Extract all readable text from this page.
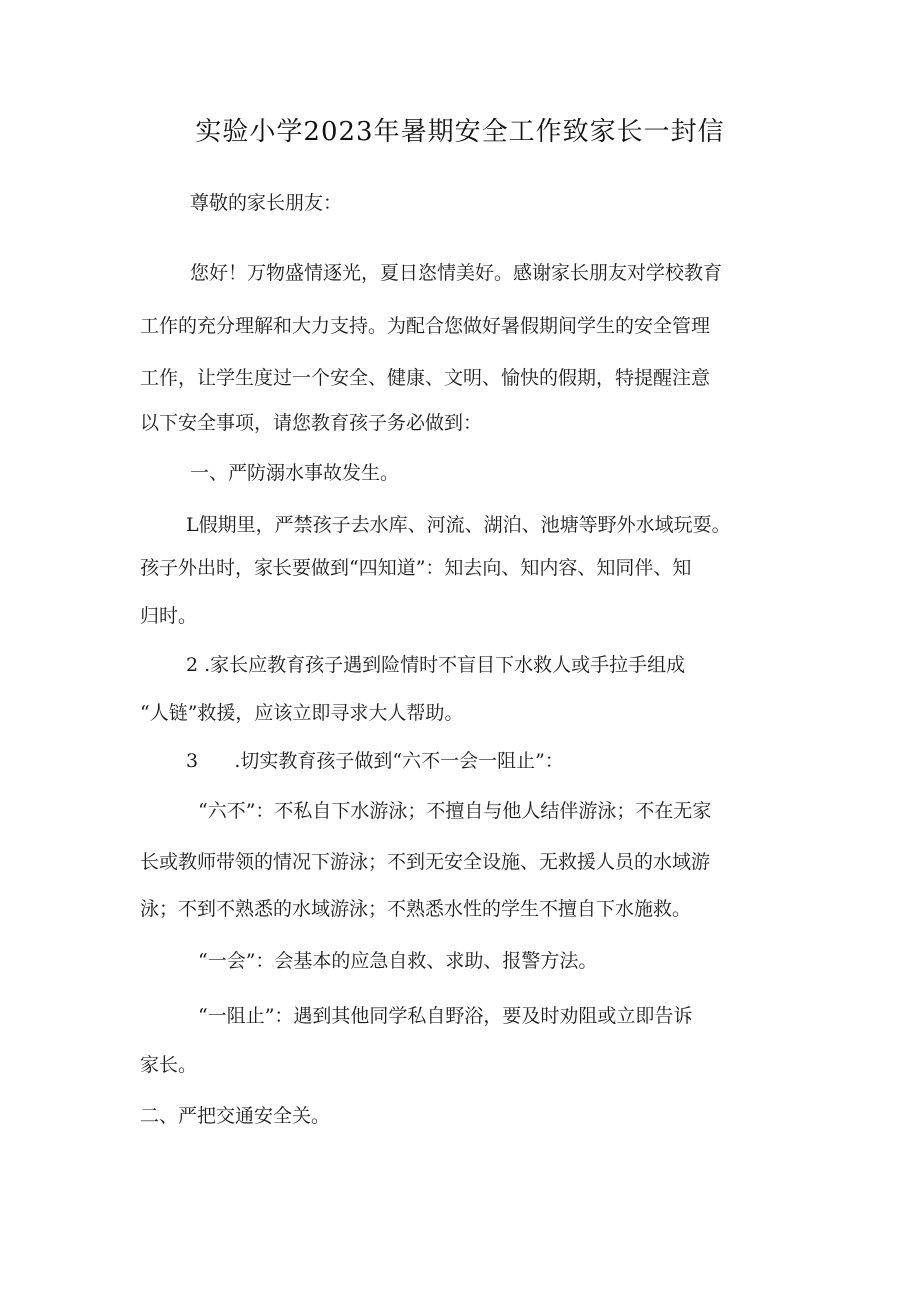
实验小学2023年暑期安全工作致家长一封信
尊敬的家长朋友：
您好！万物盛情逐光，夏日恣情美好。感谢家长朋友对学校教育
工作的充分理解和大力支持。为配合您做好暑假期间学生的安全管理
工作，让学生度过一个安全、健康、文明、愉快的假期，特提醒注意
以下安全事项，请您教育孩子务必做到：
一、严防溺水事故发生。
L假期里，严禁孩子去水库、河流、湖泊、池塘等野外水域玩耍。
孩子外出时，家长要做到“四知道”：知去向、知内容、知同伴、知
归时。
2 .家长应教育孩子遇到险情时不盲目下水救人或手拉手组成
“人链”救援，应该立即寻求大人帮助。
3      .切实教育孩子做到“六不一会一阻止”：
“六不”：不私自下水游泳；不擅自与他人结伴游泳；不在无家
长或教师带领的情况下游泳；不到无安全设施、无救援人员的水域游
泳；不到不熟悉的水域游泳；不熟悉水性的学生不擅自下水施救。
“一会”：会基本的应急自救、求助、报警方法。
“一阻止”：遇到其他同学私自野浴，要及时劝阻或立即告诉
家长。
二、严把交通安全关。
